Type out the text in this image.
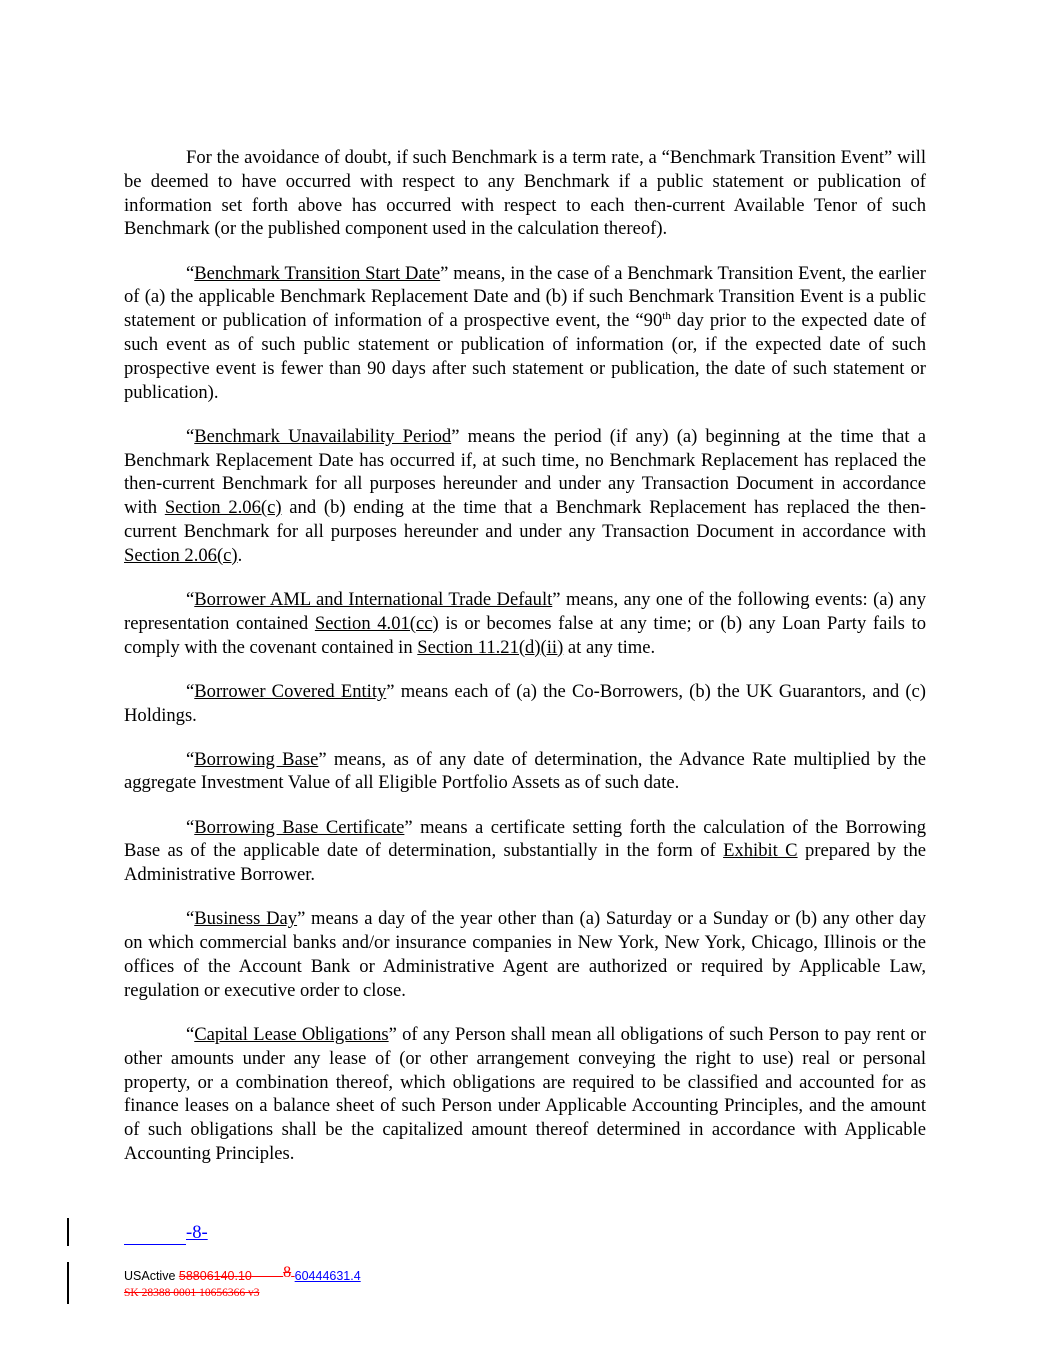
For the avoidance of doubt, if such Benchmark is a term rate, a “Benchmark Transition Event” will be deemed to have occurred with respect to any Benchmark if a public statement or publication of information set forth above has occurred with respect to each then-current Available Tenor of such Benchmark (or the published component used in the calculation thereof).

“Benchmark Transition Start Date” means, in the case of a Benchmark Transition Event, the earlier of (a) the applicable Benchmark Replacement Date and (b) if such Benchmark Transition Event is a public statement or publication of information of a prospective event, the “90th day prior to the expected date of such event as of such public statement or publication of information (or, if the expected date of such prospective event is fewer than 90 days after such statement or publication, the date of such statement or publication).

“Benchmark Unavailability Period” means the period (if any) (a) beginning at the time that a Benchmark Replacement Date has occurred if, at such time, no Benchmark Replacement has replaced the then-current Benchmark for all purposes hereunder and under any Transaction Document in accordance with Section 2.06(c) and (b) ending at the time that a Benchmark Replacement has replaced the then-current Benchmark for all purposes hereunder and under any Transaction Document in accordance with Section 2.06(c).

“Borrower AML and International Trade Default” means, any one of the following events: (a) any representation contained Section 4.01(cc) is or becomes false at any time; or (b) any Loan Party fails to comply with the covenant contained in Section 11.21(d)(ii) at any time.

“Borrower Covered Entity” means each of (a) the Co-Borrowers, (b) the UK Guarantors, and (c) Holdings.

“Borrowing Base” means, as of any date of determination, the Advance Rate multiplied by the aggregate Investment Value of all Eligible Portfolio Assets as of such date.

“Borrowing Base Certificate” means a certificate setting forth the calculation of the Borrowing Base as of the applicable date of determination, substantially in the form of Exhibit C prepared by the Administrative Borrower.

“Business Day” means a day of the year other than (a) Saturday or a Sunday or (b) any other day on which commercial banks and/or insurance companies in New York, New York, Chicago, Illinois or the offices of the Account Bank or Administrative Agent are authorized or required by Applicable Law, regulation or executive order to close.

“Capital Lease Obligations” of any Person shall mean all obligations of such Person to pay rent or other amounts under any lease of (or other arrangement conveying the right to use) real or personal property, or a combination thereof, which obligations are required to be classified and accounted for as finance leases on a balance sheet of such Person under Applicable Accounting Principles, and the amount of such obligations shall be the capitalized amount thereof determined in accordance with Applicable Accounting Principles.

-8-
USActive 58806140.10 8 60444631.4
SK 28388 0001 10656366 v3
